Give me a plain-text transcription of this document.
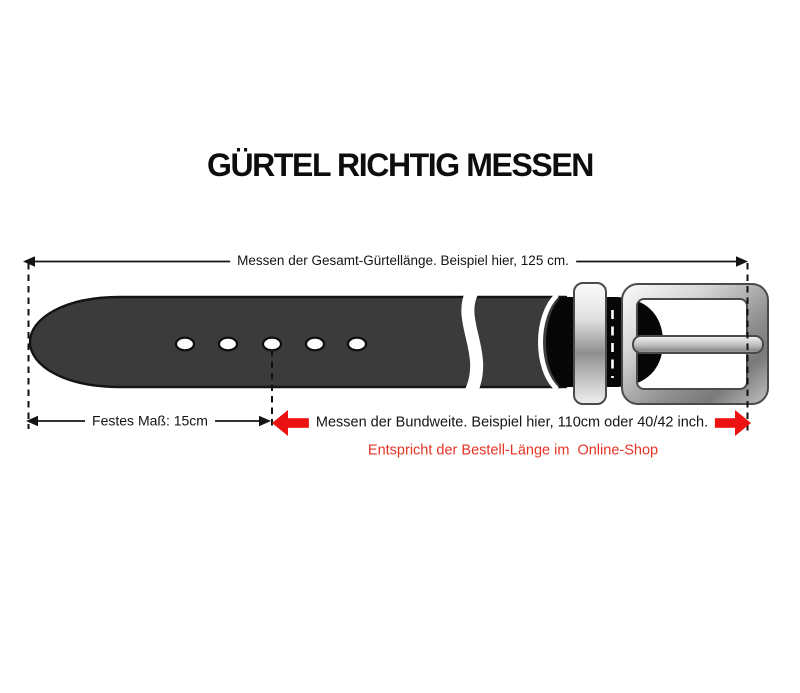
GÜRTEL RICHTIG MESSEN
Messen der Gesamt-Gürtellänge. Beispiel hier, 125 cm.
Festes Maß: 15cm	Messen der Bundweite. Beispiel hier, 110cm oder 40/42 inch.
Entspricht der Bestell-Länge im  Online-Shop
